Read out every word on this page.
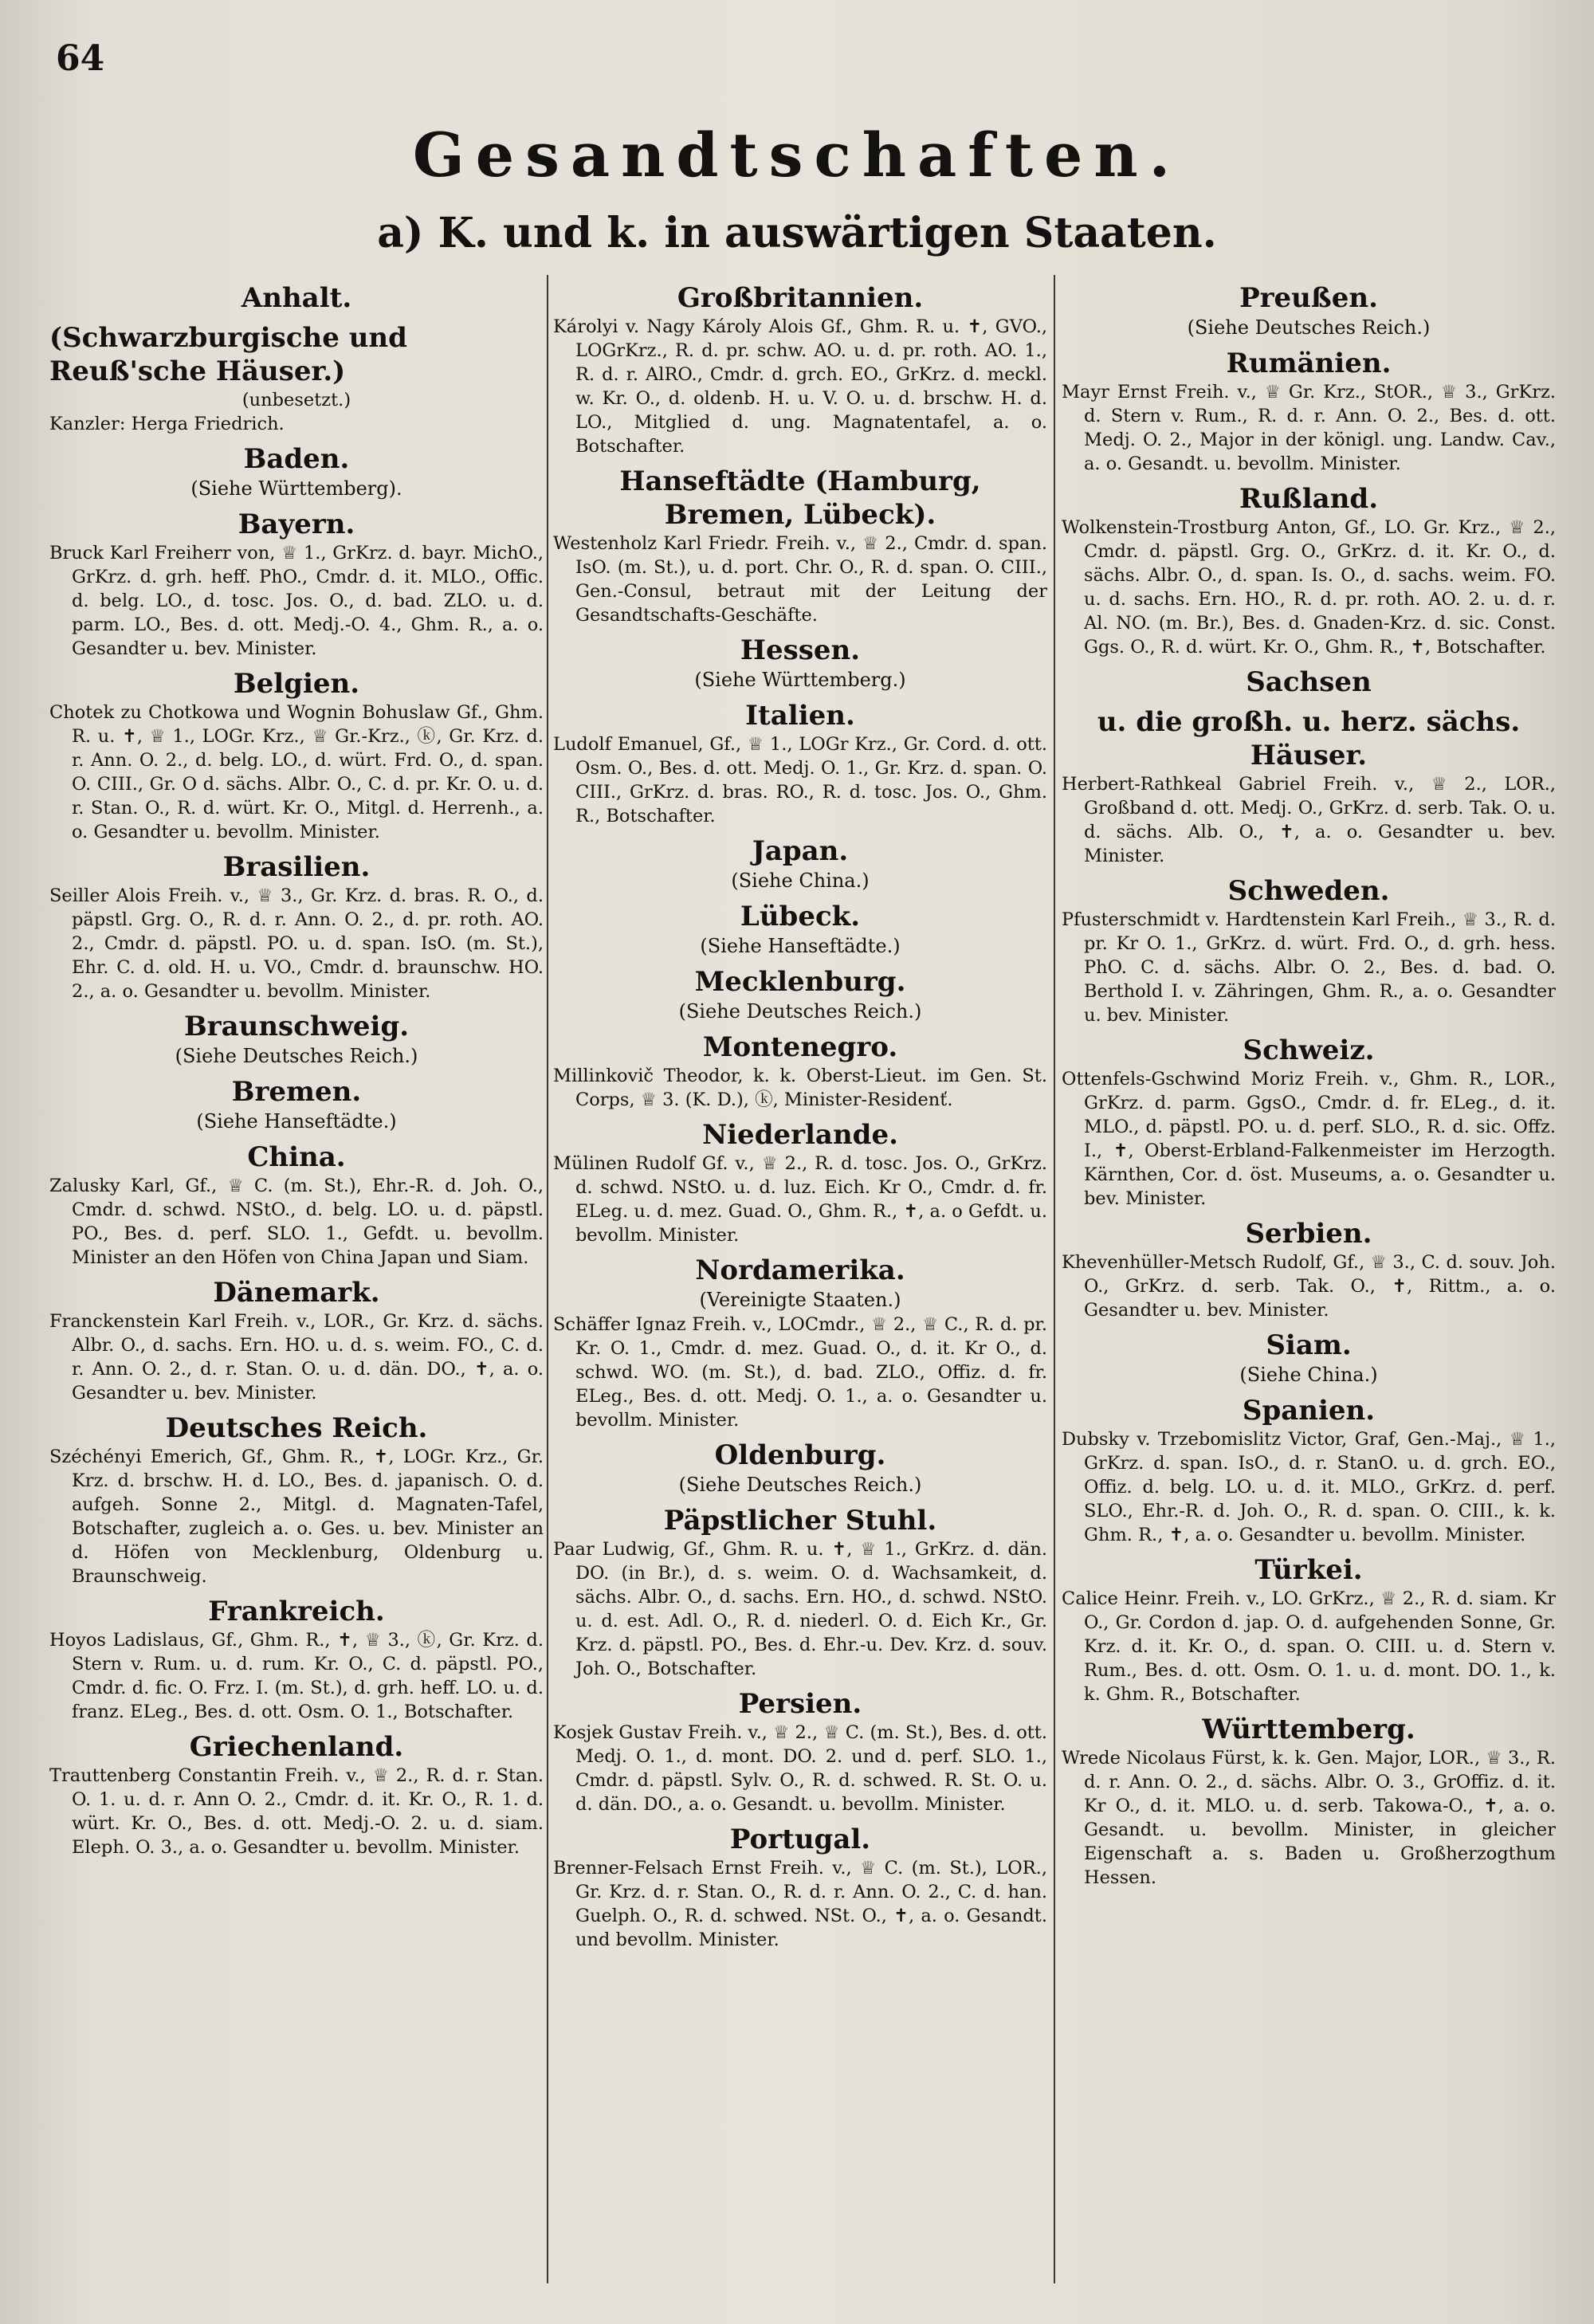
64
Gesandtschaften.
a) K. und k. in auswärtigen Staaten.
Anhalt.
(Schwarzburgische und Reuß'sche Häuser.)
(unbesetzt.)
Kanzler: Herga Friedrich.
Baden.
(Siehe Württemberg).
Bayern.
Bruck Karl Freiherr von, ♕ 1., GrKrz. d. bayr. MichO., GrKrz. d. grh. heff. PhO., Cmdr. d. it. MLO., Offic. d. belg. LO., d. tosc. Jos. O., d. bad. ZLO. u. d. parm. LO., Bes. d. ott. Medj.-O. 4., Ghm. R., a. o. Gesandter u. bev. Minister.
Belgien.
Chotek zu Chotkowa und Wognin Bohuslaw Gf., Ghm. R. u. ✝, ♕ 1., LOGr. Krz., ♕ Gr.-Krz., ⓚ, Gr. Krz. d. r. Ann. O. 2., d. belg. LO., d. würt. Frd. O., d. span. O. CIII., Gr. O d. sächs. Albr. O., C. d. pr. Kr. O. u. d. r. Stan. O., R. d. würt. Kr. O., Mitgl. d. Herrenh., a. o. Gesandter u. bevollm. Minister.
Brasilien.
Seiller Alois Freih. v., ♕ 3., Gr. Krz. d. bras. R. O., d. päpstl. Grg. O., R. d. r. Ann. O. 2., d. pr. roth. AO. 2., Cmdr. d. päpstl. PO. u. d. span. IsO. (m. St.), Ehr. C. d. old. H. u. VO., Cmdr. d. braunschw. HO. 2., a. o. Gesandter u. bevollm. Minister.
Braunschweig.
(Siehe Deutsches Reich.)
Bremen.
(Siehe Hanseftädte.)
China.
Zalusky Karl, Gf., ♕ C. (m. St.), Ehr.-R. d. Joh. O., Cmdr. d. schwd. NStO., d. belg. LO. u. d. päpstl. PO., Bes. d. perf. SLO. 1., Gefdt. u. bevollm. Minister an den Höfen von China Japan und Siam.
Dänemark.
Franckenstein Karl Freih. v., LOR., Gr. Krz. d. sächs. Albr. O., d. sachs. Ern. HO. u. d. s. weim. FO., C. d. r. Ann. O. 2., d. r. Stan. O. u. d. dän. DO., ✝, a. o. Gesandter u. bev. Minister.
Deutsches Reich.
Széchényi Emerich, Gf., Ghm. R., ✝, LOGr. Krz., Gr. Krz. d. brschw. H. d. LO., Bes. d. japanisch. O. d. aufgeh. Sonne 2., Mitgl. d. Magnaten-Tafel, Botschafter, zugleich a. o. Ges. u. bev. Minister an d. Höfen von Mecklenburg, Oldenburg u. Braunschweig.
Frankreich.
Hoyos Ladislaus, Gf., Ghm. R., ✝, ♕ 3., ⓚ, Gr. Krz. d. Stern v. Rum. u. d. rum. Kr. O., C. d. päpstl. PO., Cmdr. d. fic. O. Frz. I. (m. St.), d. grh. heff. LO. u. d. franz. ELeg., Bes. d. ott. Osm. O. 1., Botschafter.
Griechenland.
Trauttenberg Constantin Freih. v., ♕ 2., R. d. r. Stan. O. 1. u. d. r. Ann O. 2., Cmdr. d. it. Kr. O., R. 1. d. würt. Kr. O., Bes. d. ott. Medj.-O. 2. u. d. siam. Eleph. O. 3., a. o. Gesandter u. bevollm. Minister.
Großbritannien.
Károlyi v. Nagy Károly Alois Gf., Ghm. R. u. ✝, GVO., LOGrKrz., R. d. pr. schw. AO. u. d. pr. roth. AO. 1., R. d. r. AlRO., Cmdr. d. grch. EO., GrKrz. d. meckl. w. Kr. O., d. oldenb. H. u. V. O. u. d. brschw. H. d. LO., Mitglied d. ung. Magnatentafel, a. o. Botschafter.
Hanseftädte (Hamburg, Bremen, Lübeck).
Westenholz Karl Friedr. Freih. v., ♕ 2., Cmdr. d. span. IsO. (m. St.), u. d. port. Chr. O., R. d. span. O. CIII., Gen.-Consul, betraut mit der Leitung der Gesandtschafts-Geschäfte.
Hessen.
(Siehe Württemberg.)
Italien.
Ludolf Emanuel, Gf., ♕ 1., LOGr Krz., Gr. Cord. d. ott. Osm. O., Bes. d. ott. Medj. O. 1., Gr. Krz. d. span. O. CIII., GrKrz. d. bras. RO., R. d. tosc. Jos. O., Ghm. R., Botschafter.
Japan.
(Siehe China.)
Lübeck.
(Siehe Hanseftädte.)
Mecklenburg.
(Siehe Deutsches Reich.)
Montenegro.
Millinkovič Theodor, k. k. Oberst-Lieut. im Gen. St. Corps, ♕ 3. (K. D.), ⓚ, Minister-Residenť.
Niederlande.
Mülinen Rudolf Gf. v., ♕ 2., R. d. tosc. Jos. O., GrKrz. d. schwd. NStO. u. d. luz. Eich. Kr O., Cmdr. d. fr. ELeg. u. d. mez. Guad. O., Ghm. R., ✝, a. o Gefdt. u. bevollm. Minister.
Nordamerika.
(Vereinigte Staaten.)
Schäffer Ignaz Freih. v., LOCmdr., ♕ 2., ♕ C., R. d. pr. Kr. O. 1., Cmdr. d. mez. Guad. O., d. it. Kr O., d. schwd. WO. (m. St.), d. bad. ZLO., Offiz. d. fr. ELeg., Bes. d. ott. Medj. O. 1., a. o. Gesandter u. bevollm. Minister.
Oldenburg.
(Siehe Deutsches Reich.)
Päpstlicher Stuhl.
Paar Ludwig, Gf., Ghm. R. u. ✝, ♕ 1., GrKrz. d. dän. DO. (in Br.), d. s. weim. O. d. Wachsamkeit, d. sächs. Albr. O., d. sachs. Ern. HO., d. schwd. NStO. u. d. est. Adl. O., R. d. niederl. O. d. Eich Kr., Gr. Krz. d. päpstl. PO., Bes. d. Ehr.-u. Dev. Krz. d. souv. Joh. O., Botschafter.
Persien.
Kosjek Gustav Freih. v., ♕ 2., ♕ C. (m. St.), Bes. d. ott. Medj. O. 1., d. mont. DO. 2. und d. perf. SLO. 1., Cmdr. d. päpstl. Sylv. O., R. d. schwed. R. St. O. u. d. dän. DO., a. o. Gesandt. u. bevollm. Minister.
Portugal.
Brenner-Felsach Ernst Freih. v., ♕ C. (m. St.), LOR., Gr. Krz. d. r. Stan. O., R. d. r. Ann. O. 2., C. d. han. Guelph. O., R. d. schwed. NSt. O., ✝, a. o. Gesandt. und bevollm. Minister.
Preußen.
(Siehe Deutsches Reich.)
Rumänien.
Mayr Ernst Freih. v., ♕ Gr. Krz., StOR., ♕ 3., GrKrz. d. Stern v. Rum., R. d. r. Ann. O. 2., Bes. d. ott. Medj. O. 2., Major in der königl. ung. Landw. Cav., a. o. Gesandt. u. bevollm. Minister.
Rußland.
Wolkenstein-Trostburg Anton, Gf., LO. Gr. Krz., ♕ 2., Cmdr. d. päpstl. Grg. O., GrKrz. d. it. Kr. O., d. sächs. Albr. O., d. span. Is. O., d. sachs. weim. FO. u. d. sachs. Ern. HO., R. d. pr. roth. AO. 2. u. d. r. Al. NO. (m. Br.), Bes. d. Gnaden-Krz. d. sic. Const. Ggs. O., R. d. würt. Kr. O., Ghm. R., ✝, Botschafter.
Sachsen
u. die großh. u. herz. sächs. Häuser.
Herbert-Rathkeal Gabriel Freih. v., ♕ 2., LOR., Großband d. ott. Medj. O., GrKrz. d. serb. Tak. O. u. d. sächs. Alb. O., ✝, a. o. Gesandter u. bev. Minister.
Schweden.
Pfusterschmidt v. Hardtenstein Karl Freih., ♕ 3., R. d. pr. Kr O. 1., GrKrz. d. würt. Frd. O., d. grh. hess. PhO. C. d. sächs. Albr. O. 2., Bes. d. bad. O. Berthold I. v. Zähringen, Ghm. R., a. o. Gesandter u. bev. Minister.
Schweiz.
Ottenfels-Gschwind Moriz Freih. v., Ghm. R., LOR., GrKrz. d. parm. GgsO., Cmdr. d. fr. ELeg., d. it. MLO., d. päpstl. PO. u. d. perf. SLO., R. d. sic. Offz. I., ✝, Oberst-Erbland-Falkenmeister im Herzogth. Kärnthen, Cor. d. öst. Museums, a. o. Gesandter u. bev. Minister.
Serbien.
Khevenhüller-Metsch Rudolf, Gf., ♕ 3., C. d. souv. Joh. O., GrKrz. d. serb. Tak. O., ✝, Rittm., a. o. Gesandter u. bev. Minister.
Siam.
(Siehe China.)
Spanien.
Dubsky v. Trzebomislitz Victor, Graf, Gen.-Maj., ♕ 1., GrKrz. d. span. IsO., d. r. StanO. u. d. grch. EO., Offiz. d. belg. LO. u. d. it. MLO., GrKrz. d. perf. SLO., Ehr.-R. d. Joh. O., R. d. span. O. CIII., k. k. Ghm. R., ✝, a. o. Gesandter u. bevollm. Minister.
Türkei.
Calice Heinr. Freih. v., LO. GrKrz., ♕ 2., R. d. siam. Kr O., Gr. Cordon d. jap. O. d. aufgehenden Sonne, Gr. Krz. d. it. Kr. O., d. span. O. CIII. u. d. Stern v. Rum., Bes. d. ott. Osm. O. 1. u. d. mont. DO. 1., k. k. Ghm. R., Botschafter.
Württemberg.
Wrede Nicolaus Fürst, k. k. Gen. Major, LOR., ♕ 3., R. d. r. Ann. O. 2., d. sächs. Albr. O. 3., GrOffiz. d. it. Kr O., d. it. MLO. u. d. serb. Takowa-O., ✝, a. o. Gesandt. u. bevollm. Minister, in gleicher Eigenschaft a. s. Baden u. Großherzogthum Hessen.
